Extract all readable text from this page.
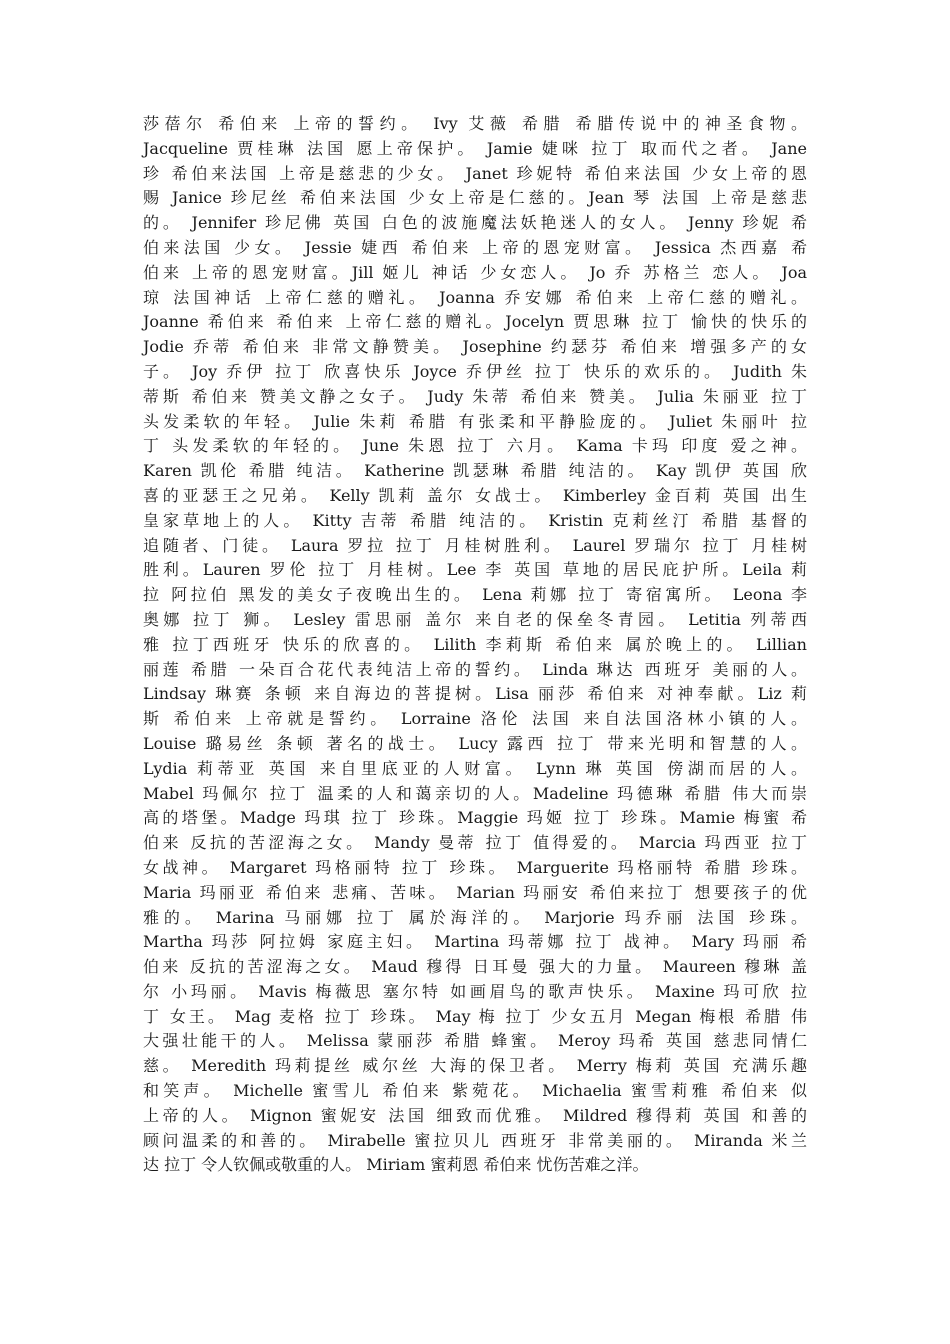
莎蓓尔 希伯来 上帝的誓约。 Ivy 艾薇 希腊 希腊传说中的神圣食物。
Jacqueline 贾桂琳 法国 愿上帝保护。 Jamie 婕咪 拉丁 取而代之者。 Jane
珍 希伯来法国 上帝是慈悲的少女。 Janet 珍妮特 希伯来法国 少女上帝的恩
赐 Janice 珍尼丝 希伯来法国 少女上帝是仁慈的。Jean 琴 法国 上帝是慈悲
的。 Jennifer 珍尼佛 英国 白色的波施魔法妖艳迷人的女人。 Jenny 珍妮 希
伯来法国 少女。 Jessie 婕西 希伯来 上帝的恩宠财富。 Jessica 杰西嘉 希
伯来 上帝的恩宠财富。Jill 姬儿 神话 少女恋人。 Jo 乔 苏格兰 恋人。 Joa
琼 法国神话 上帝仁慈的赠礼。 Joanna 乔安娜 希伯来 上帝仁慈的赠礼。
Joanne 希伯来 希伯来 上帝仁慈的赠礼。Jocelyn 贾思琳 拉丁 愉快的快乐的
Jodie 乔蒂 希伯来 非常文静赞美。 Josephine 约瑟芬 希伯来 增强多产的女
子。 Joy 乔伊 拉丁 欣喜快乐 Joyce 乔伊丝 拉丁 快乐的欢乐的。 Judith 朱
蒂斯 希伯来 赞美文静之女子。 Judy 朱蒂 希伯来 赞美。 Julia 朱丽亚 拉丁
头发柔软的年轻。 Julie 朱莉 希腊 有张柔和平静脸庞的。 Juliet 朱丽叶 拉
丁 头发柔软的年轻的。 June 朱恩 拉丁 六月。 Kama 卡玛 印度 爱之神。
Karen 凯伦 希腊 纯洁。 Katherine 凯瑟琳 希腊 纯洁的。 Kay 凯伊 英国 欣
喜的亚瑟王之兄弟。 Kelly 凯莉 盖尔 女战士。 Kimberley 金百莉 英国 出生
皇家草地上的人。 Kitty 吉蒂 希腊 纯洁的。 Kristin 克莉丝汀 希腊 基督的
追随者、门徒。 Laura 罗拉 拉丁 月桂树胜利。 Laurel 罗瑞尔 拉丁 月桂树
胜利。Lauren 罗伦 拉丁 月桂树。Lee 李 英国 草地的居民庇护所。Leila 莉
拉 阿拉伯 黑发的美女子夜晚出生的。 Lena 莉娜 拉丁 寄宿寓所。 Leona 李
奥娜 拉丁 狮。 Lesley 雷思丽 盖尔 来自老的保垒冬青园。 Letitia 列蒂西
雅 拉丁西班牙 快乐的欣喜的。 Lilith 李莉斯 希伯来 属於晚上的。 Lillian
丽莲 希腊 一朵百合花代表纯洁上帝的誓约。 Linda 琳达 西班牙 美丽的人。
Lindsay 琳赛 条顿 来自海边的菩提树。Lisa 丽莎 希伯来 对神奉献。Liz 莉
斯 希伯来 上帝就是誓约。 Lorraine 洛伦 法国 来自法国洛林小镇的人。
Louise 璐易丝 条顿 著名的战士。 Lucy 露西 拉丁 带来光明和智慧的人。
Lydia 莉蒂亚 英国 来自里底亚的人财富。 Lynn 琳 英国 傍湖而居的人。
Mabel 玛佩尔 拉丁 温柔的人和蔼亲切的人。Madeline 玛德琳 希腊 伟大而崇
高的塔堡。Madge 玛琪 拉丁 珍珠。Maggie 玛姬 拉丁 珍珠。Mamie 梅蜜 希
伯来 反抗的苦涩海之女。 Mandy 曼蒂 拉丁 值得爱的。 Marcia 玛西亚 拉丁
女战神。 Margaret 玛格丽特 拉丁 珍珠。 Marguerite 玛格丽特 希腊 珍珠。
Maria 玛丽亚 希伯来 悲痛、苦味。 Marian 玛丽安 希伯来拉丁 想要孩子的优
雅的。 Marina 马丽娜 拉丁 属於海洋的。 Marjorie 玛乔丽 法国 珍珠。
Martha 玛莎 阿拉姆 家庭主妇。 Martina 玛蒂娜 拉丁 战神。 Mary 玛丽 希
伯来 反抗的苦涩海之女。 Maud 穆得 日耳曼 强大的力量。 Maureen 穆琳 盖
尔 小玛丽。 Mavis 梅薇思 塞尔特 如画眉鸟的歌声快乐。 Maxine 玛可欣 拉
丁 女王。 Mag 麦格 拉丁 珍珠。 May 梅 拉丁 少女五月 Megan 梅根 希腊 伟
大强壮能干的人。 Melissa 蒙丽莎 希腊 蜂蜜。 Meroy 玛希 英国 慈悲同情仁
慈。 Meredith 玛莉提丝 威尔丝 大海的保卫者。 Merry 梅莉 英国 充满乐趣
和笑声。 Michelle 蜜雪儿 希伯来 紫菀花。 Michaelia 蜜雪莉雅 希伯来 似
上帝的人。 Mignon 蜜妮安 法国 细致而优雅。 Mildred 穆得莉 英国 和善的
顾问温柔的和善的。 Mirabelle 蜜拉贝儿 西班牙 非常美丽的。 Miranda 米兰
达 拉丁 令人钦佩或敬重的人。 Miriam 蜜莉恩 希伯来 忧伤苦难之洋。
